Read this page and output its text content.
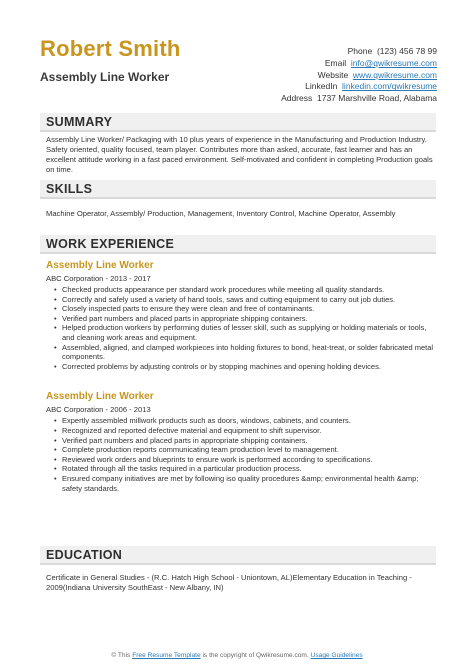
Robert Smith
Assembly Line Worker
Phone (123) 456 78 99
Email info@qwikresume.com
Website www.qwikresume.com
LinkedIn linkedin.com/qwikresume
Address 1737 Marshville Road, Alabama
SUMMARY
Assembly Line Worker/ Packaging with 10 plus years of experience in the Manufacturing and Production Industry. Safety oriented, quality focused, team player. Contributes more than asked, accurate, fast learner and has an excellent attitude working in a fast paced environment. Self-motivated and confident in completing Production goals on time.
SKILLS
Machine Operator, Assembly/ Production, Management, Inventory Control, Machine Operator, Assembly
WORK EXPERIENCE
Assembly Line Worker
ABC Corporation - 2013 - 2017
• Checked products appearance per standard work procedures while meeting all quality standards.
• Correctly and safely used a variety of hand tools, saws and cutting equipment to carry out job duties.
• Closely inspected parts to ensure they were clean and free of contaminants.
• Verified part numbers and placed parts in appropriate shipping containers.
• Helped production workers by performing duties of lesser skill, such as supplying or holding materials or tools, and cleaning work areas and equipment.
• Assembled, aligned, and clamped workpieces into holding fixtures to bond, heat-treat, or solder fabricated metal components.
• Corrected problems by adjusting controls or by stopping machines and opening holding devices.
Assembly Line Worker
ABC Corporation - 2006 - 2013
• Expertly assembled millwork products such as doors, windows, cabinets, and counters.
• Recognized and reported defective material and equipment to shift supervisor.
• Verified part numbers and placed parts in appropriate shipping containers.
• Complete production reports communicating team production level to management.
• Reviewed work orders and blueprints to ensure work is performed according to specifications.
• Rotated through all the tasks required in a particular production process.
• Ensured company initiatives are met by following iso quality procedures &amp; environmental health &amp; safety standards.
EDUCATION
Certificate in General Studies - (R.C. Hatch High School - Uniontown, AL)Elementary Education in Teaching - 2009(Indiana University SouthEast - New Albany, IN)
© This Free Resume Template is the copyright of Qwikresume.com. Usage Guidelines
